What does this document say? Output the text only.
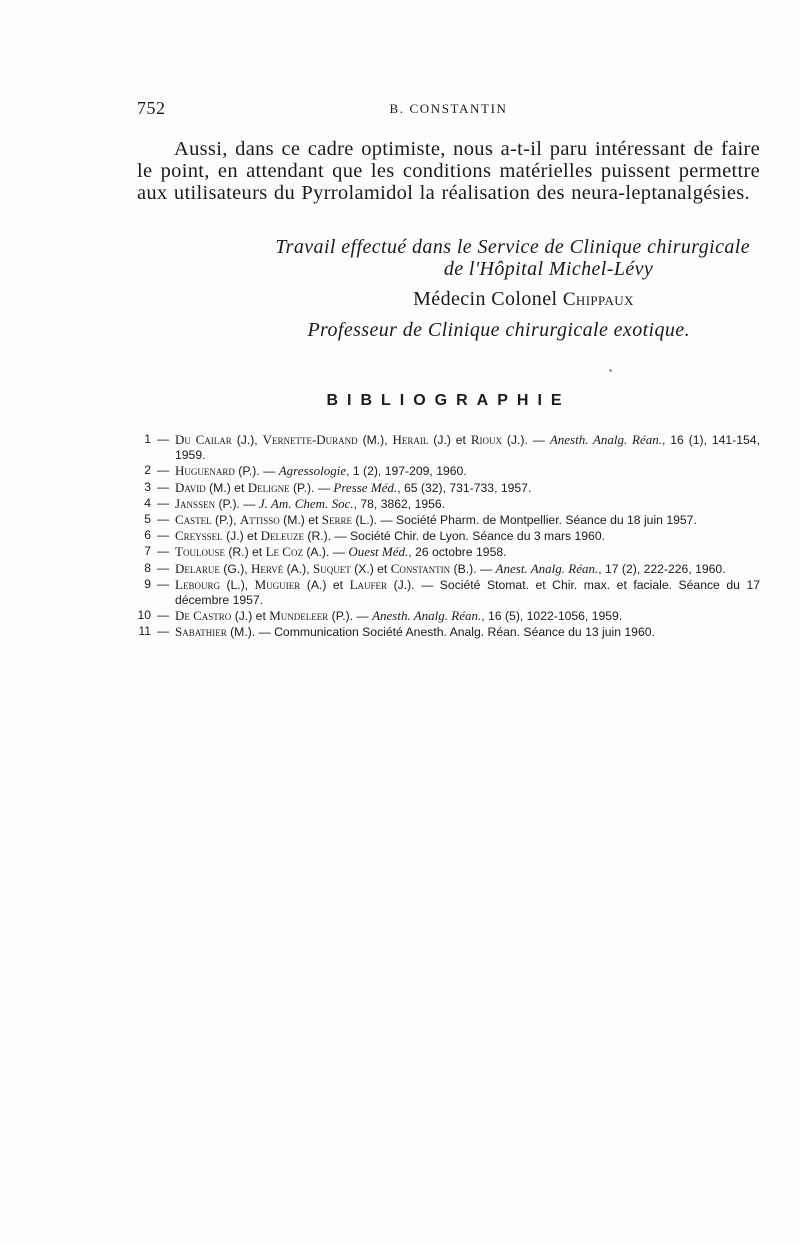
752	B. CONSTANTIN

Aussi, dans ce cadre optimiste, nous a-t-il paru intéressant de faire le point, en attendant que les conditions matérielles puissent permettre aux utilisateurs du Pyrrolamidol la réalisation des neura-leptanalgésies.

Travail effectué dans le Service de Clinique chirurgicale
de l'Hôpital Michel-Lévy
Médecin Colonel Chippaux
Professeur de Clinique chirurgicale exotique.
BIBLIOGRAPHIE
1 — Du Cailar (J.), Vernette-Durand (M.), Herail (J.) et Rioux (J.). — Anesth. Analg. Réan., 16 (1), 141-154, 1959.
2 — Huguenard (P.). — Agressologie, 1 (2), 197-209, 1960.
3 — David (M.) et Deligne (P.). — Presse Méd., 65 (32), 731-733, 1957.
4 — Janssen (P.). — J. Am. Chem. Soc., 78, 3862, 1956.
5 — Castel (P.), Attisso (M.) et Serre (L.). — Société Pharm. de Montpellier. Séance du 18 juin 1957.
6 — Creyssel (J.) et Deleuze (R.). — Société Chir. de Lyon. Séance du 3 mars 1960.
7 — Toulouse (R.) et Le Coz (A.). — Ouest Méd., 26 octobre 1958.
8 — Delarue (G.), Hervé (A.), Suquet (X.) et Constantin (B.). — Anest. Analg. Réan., 17 (2), 222-226, 1960.
9 — Lebourg (L.), Muguier (A.) et Laufer (J.). — Société Stomat. et Chir. max. et faciale. Séance du 17 décembre 1957.
10 — De Castro (J.) et Mundeleer (P.). — Anesth. Analg. Réan., 16 (5), 1022-1056, 1959.
11 — Sabathier (M.). — Communication Société Anesth. Analg. Réan. Séance du 13 juin 1960.
